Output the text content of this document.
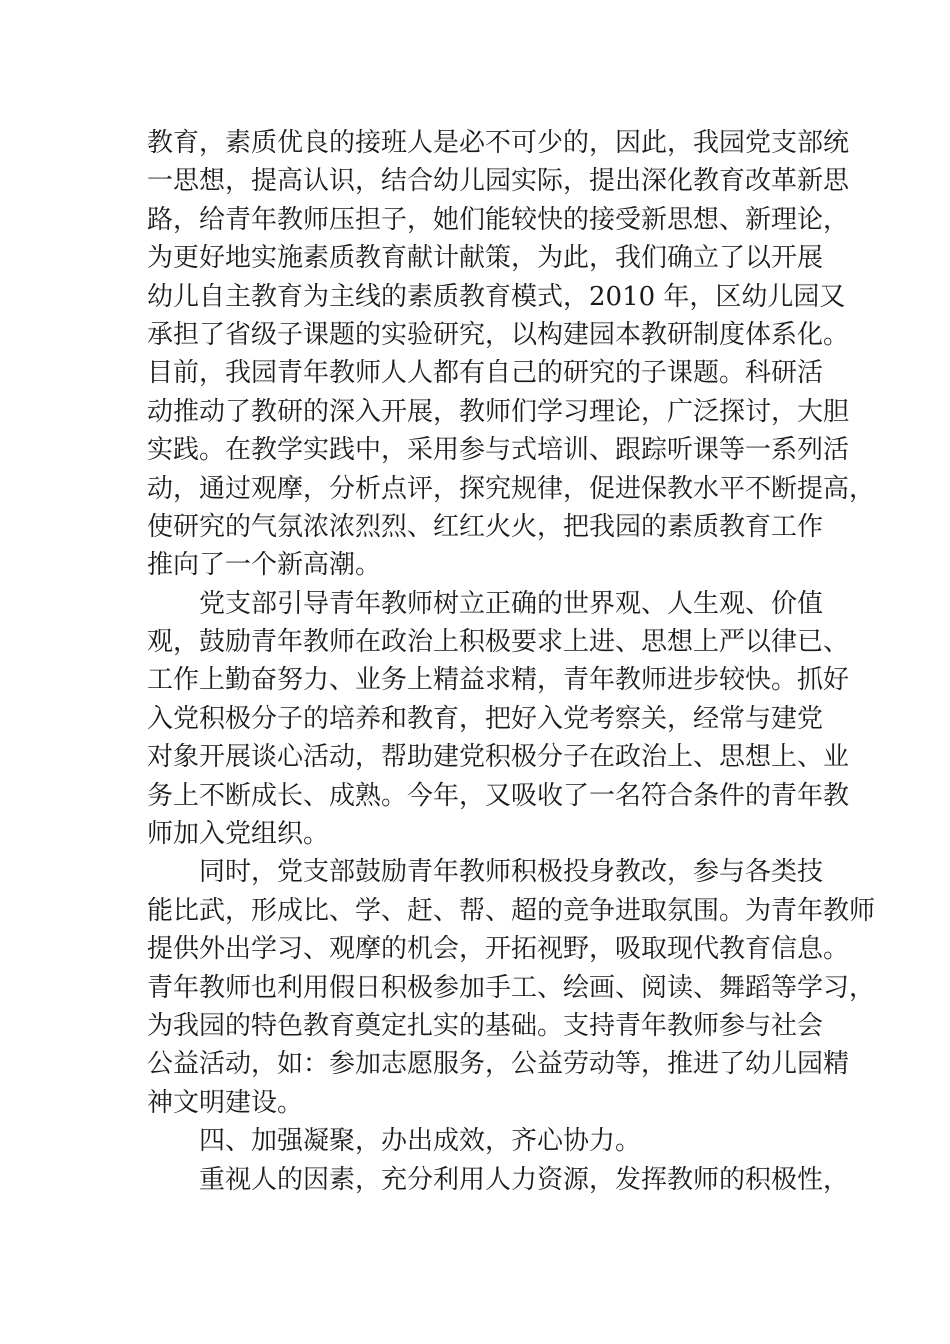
教育，素质优良的接班人是必不可少的，因此，我园党支部统
一思想，提高认识，结合幼儿园实际，提出深化教育改革新思
路，给青年教师压担子，她们能较快的接受新思想、新理论，
为更好地实施素质教育献计献策，为此，我们确立了以开展
幼儿自主教育为主线的素质教育模式，2010 年，区幼儿园又
承担了省级子课题的实验研究，以构建园本教研制度体系化。
目前，我园青年教师人人都有自己的研究的子课题。科研活
动推动了教研的深入开展，教师们学习理论，广泛探讨，大胆
实践。在教学实践中，采用参与式培训、跟踪听课等一系列活
动，通过观摩，分析点评，探究规律，促进保教水平不断提高，
使研究的气氛浓浓烈烈、红红火火，把我园的素质教育工作
推向了一个新高潮。
党支部引导青年教师树立正确的世界观、人生观、价值
观，鼓励青年教师在政治上积极要求上进、思想上严以律已、
工作上勤奋努力、业务上精益求精，青年教师进步较快。抓好
入党积极分子的培养和教育，把好入党考察关，经常与建党
对象开展谈心活动，帮助建党积极分子在政治上、思想上、业
务上不断成长、成熟。今年，又吸收了一名符合条件的青年教
师加入党组织。
同时，党支部鼓励青年教师积极投身教改，参与各类技
能比武，形成比、学、赶、帮、超的竞争进取氛围。为青年教师
提供外出学习、观摩的机会，开拓视野，吸取现代教育信息。
青年教师也利用假日积极参加手工、绘画、阅读、舞蹈等学习，
为我园的特色教育奠定扎实的基础。支持青年教师参与社会
公益活动，如：参加志愿服务，公益劳动等，推进了幼儿园精
神文明建设。
四、加强凝聚，办出成效，齐心协力。
重视人的因素，充分利用人力资源，发挥教师的积极性，
